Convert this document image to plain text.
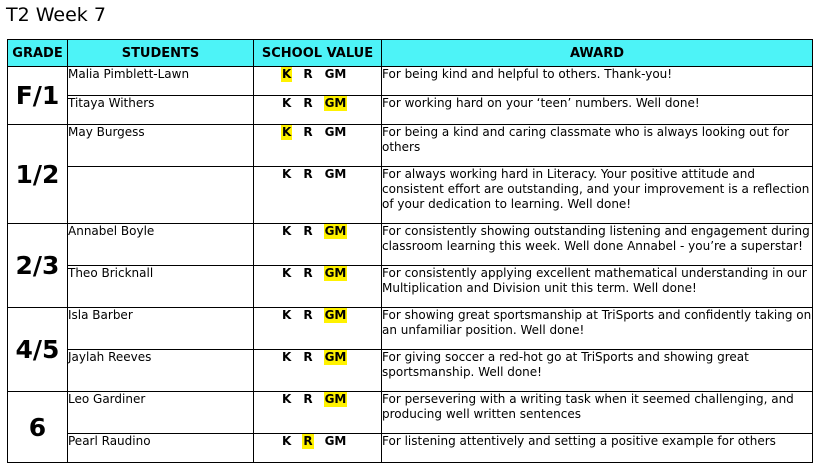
T2 Week 7
GRADE	STUDENTS	SCHOOL VALUE	AWARD
F/1	Malia Pimblett-Lawn	K R GM	For being kind and helpful to others. Thank-you!
	Titaya Withers	K R GM	For working hard on your ‘teen’ numbers. Well done!
1/2	May Burgess	K R GM	For being a kind and caring classmate who is always looking out for others

		K R GM	For always working hard in Literacy. Your positive attitude and consistent effort are outstanding, and your improvement is a reflection of your dedication to learning. Well done!
2/3	Annabel Boyle	K R GM	For consistently showing outstanding listening and engagement during classroom learning this week. Well done Annabel - you’re a superstar!
	Theo Bricknall	K R GM	For consistently applying excellent mathematical understanding in our Multiplication and Division unit this term. Well done!
4/5	Isla Barber	K R GM	For showing great sportsmanship at TriSports and confidently taking on an unfamiliar position. Well done!
	Jaylah Reeves	K R GM	For giving soccer a red-hot go at TriSports and showing great sportsmanship. Well done!
6	Leo Gardiner	K R GM	For persevering with a writing task when it seemed challenging, and producing well written sentences
	Pearl Raudino	K R GM	For listening attentively and setting a positive example for others
